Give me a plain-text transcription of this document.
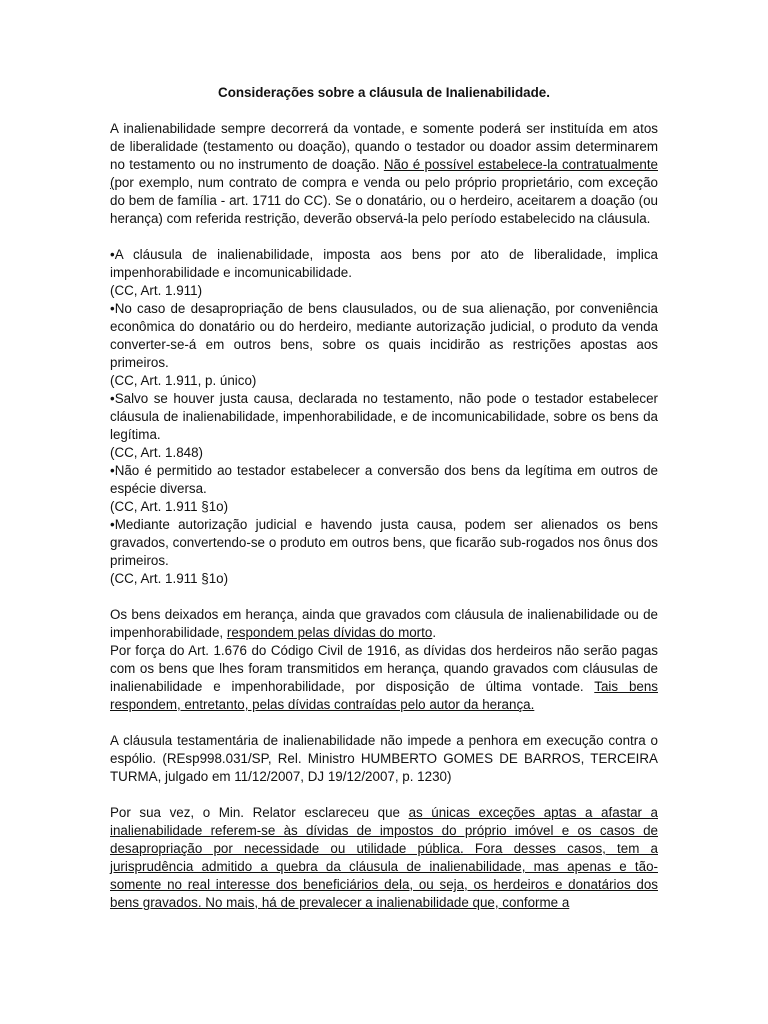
Considerações sobre a cláusula de Inalienabilidade.

A inalienabilidade sempre decorrerá da vontade, e somente poderá ser instituída em atos de liberalidade (testamento ou doação), quando o testador ou doador assim determinarem no testamento ou no instrumento de doação. Não é possível estabelece-la contratualmente (por exemplo, num contrato de compra e venda ou pelo próprio proprietário, com exceção do bem de família - art. 1711 do CC). Se o donatário, ou o herdeiro, aceitarem a doação (ou herança) com referida restrição, deverão observá-la pelo período estabelecido na cláusula.

•A cláusula de inalienabilidade, imposta aos bens por ato de liberalidade, implica impenhorabilidade e incomunicabilidade.
(CC, Art. 1.911)
•No caso de desapropriação de bens clausulados, ou de sua alienação, por conveniência econômica do donatário ou do herdeiro, mediante autorização judicial, o produto da venda converter-se-á em outros bens, sobre os quais incidirão as restrições apostas aos primeiros.
(CC, Art. 1.911, p. único)
•Salvo se houver justa causa, declarada no testamento, não pode o testador estabelecer cláusula de inalienabilidade, impenhorabilidade, e de incomunicabilidade, sobre os bens da legítima.
(CC, Art. 1.848)
•Não é permitido ao testador estabelecer a conversão dos bens da legítima em outros de espécie diversa.
(CC, Art. 1.911 §1o)
•Mediante autorização judicial e havendo justa causa, podem ser alienados os bens gravados, convertendo-se o produto em outros bens, que ficarão sub-rogados nos ônus dos primeiros.
(CC, Art. 1.911 §1o)

Os bens deixados em herança, ainda que gravados com cláusula de inalienabilidade ou de impenhorabilidade, respondem pelas dívidas do morto.

Por força do Art. 1.676 do Código Civil de 1916, as dívidas dos herdeiros não serão pagas com os bens que lhes foram transmitidos em herança, quando gravados com cláusulas de inalienabilidade e impenhorabilidade, por disposição de última vontade. Tais bens respondem, entretanto, pelas dívidas contraídas pelo autor da herança.

A cláusula testamentária de inalienabilidade não impede a penhora em execução contra o espólio. (REsp998.031/SP, Rel. Ministro HUMBERTO GOMES DE BARROS, TERCEIRA TURMA, julgado em 11/12/2007, DJ 19/12/2007, p. 1230)

Por sua vez, o Min. Relator esclareceu que as únicas exceções aptas a afastar a inalienabilidade referem-se às dívidas de impostos do próprio imóvel e os casos de desapropriação por necessidade ou utilidade pública. Fora desses casos, tem a jurisprudência admitido a quebra da cláusula de inalienabilidade, mas apenas e tão-somente no real interesse dos beneficiários dela, ou seja, os herdeiros e donatários dos bens gravados. No mais, há de prevalecer a inalienabilidade que, conforme a
